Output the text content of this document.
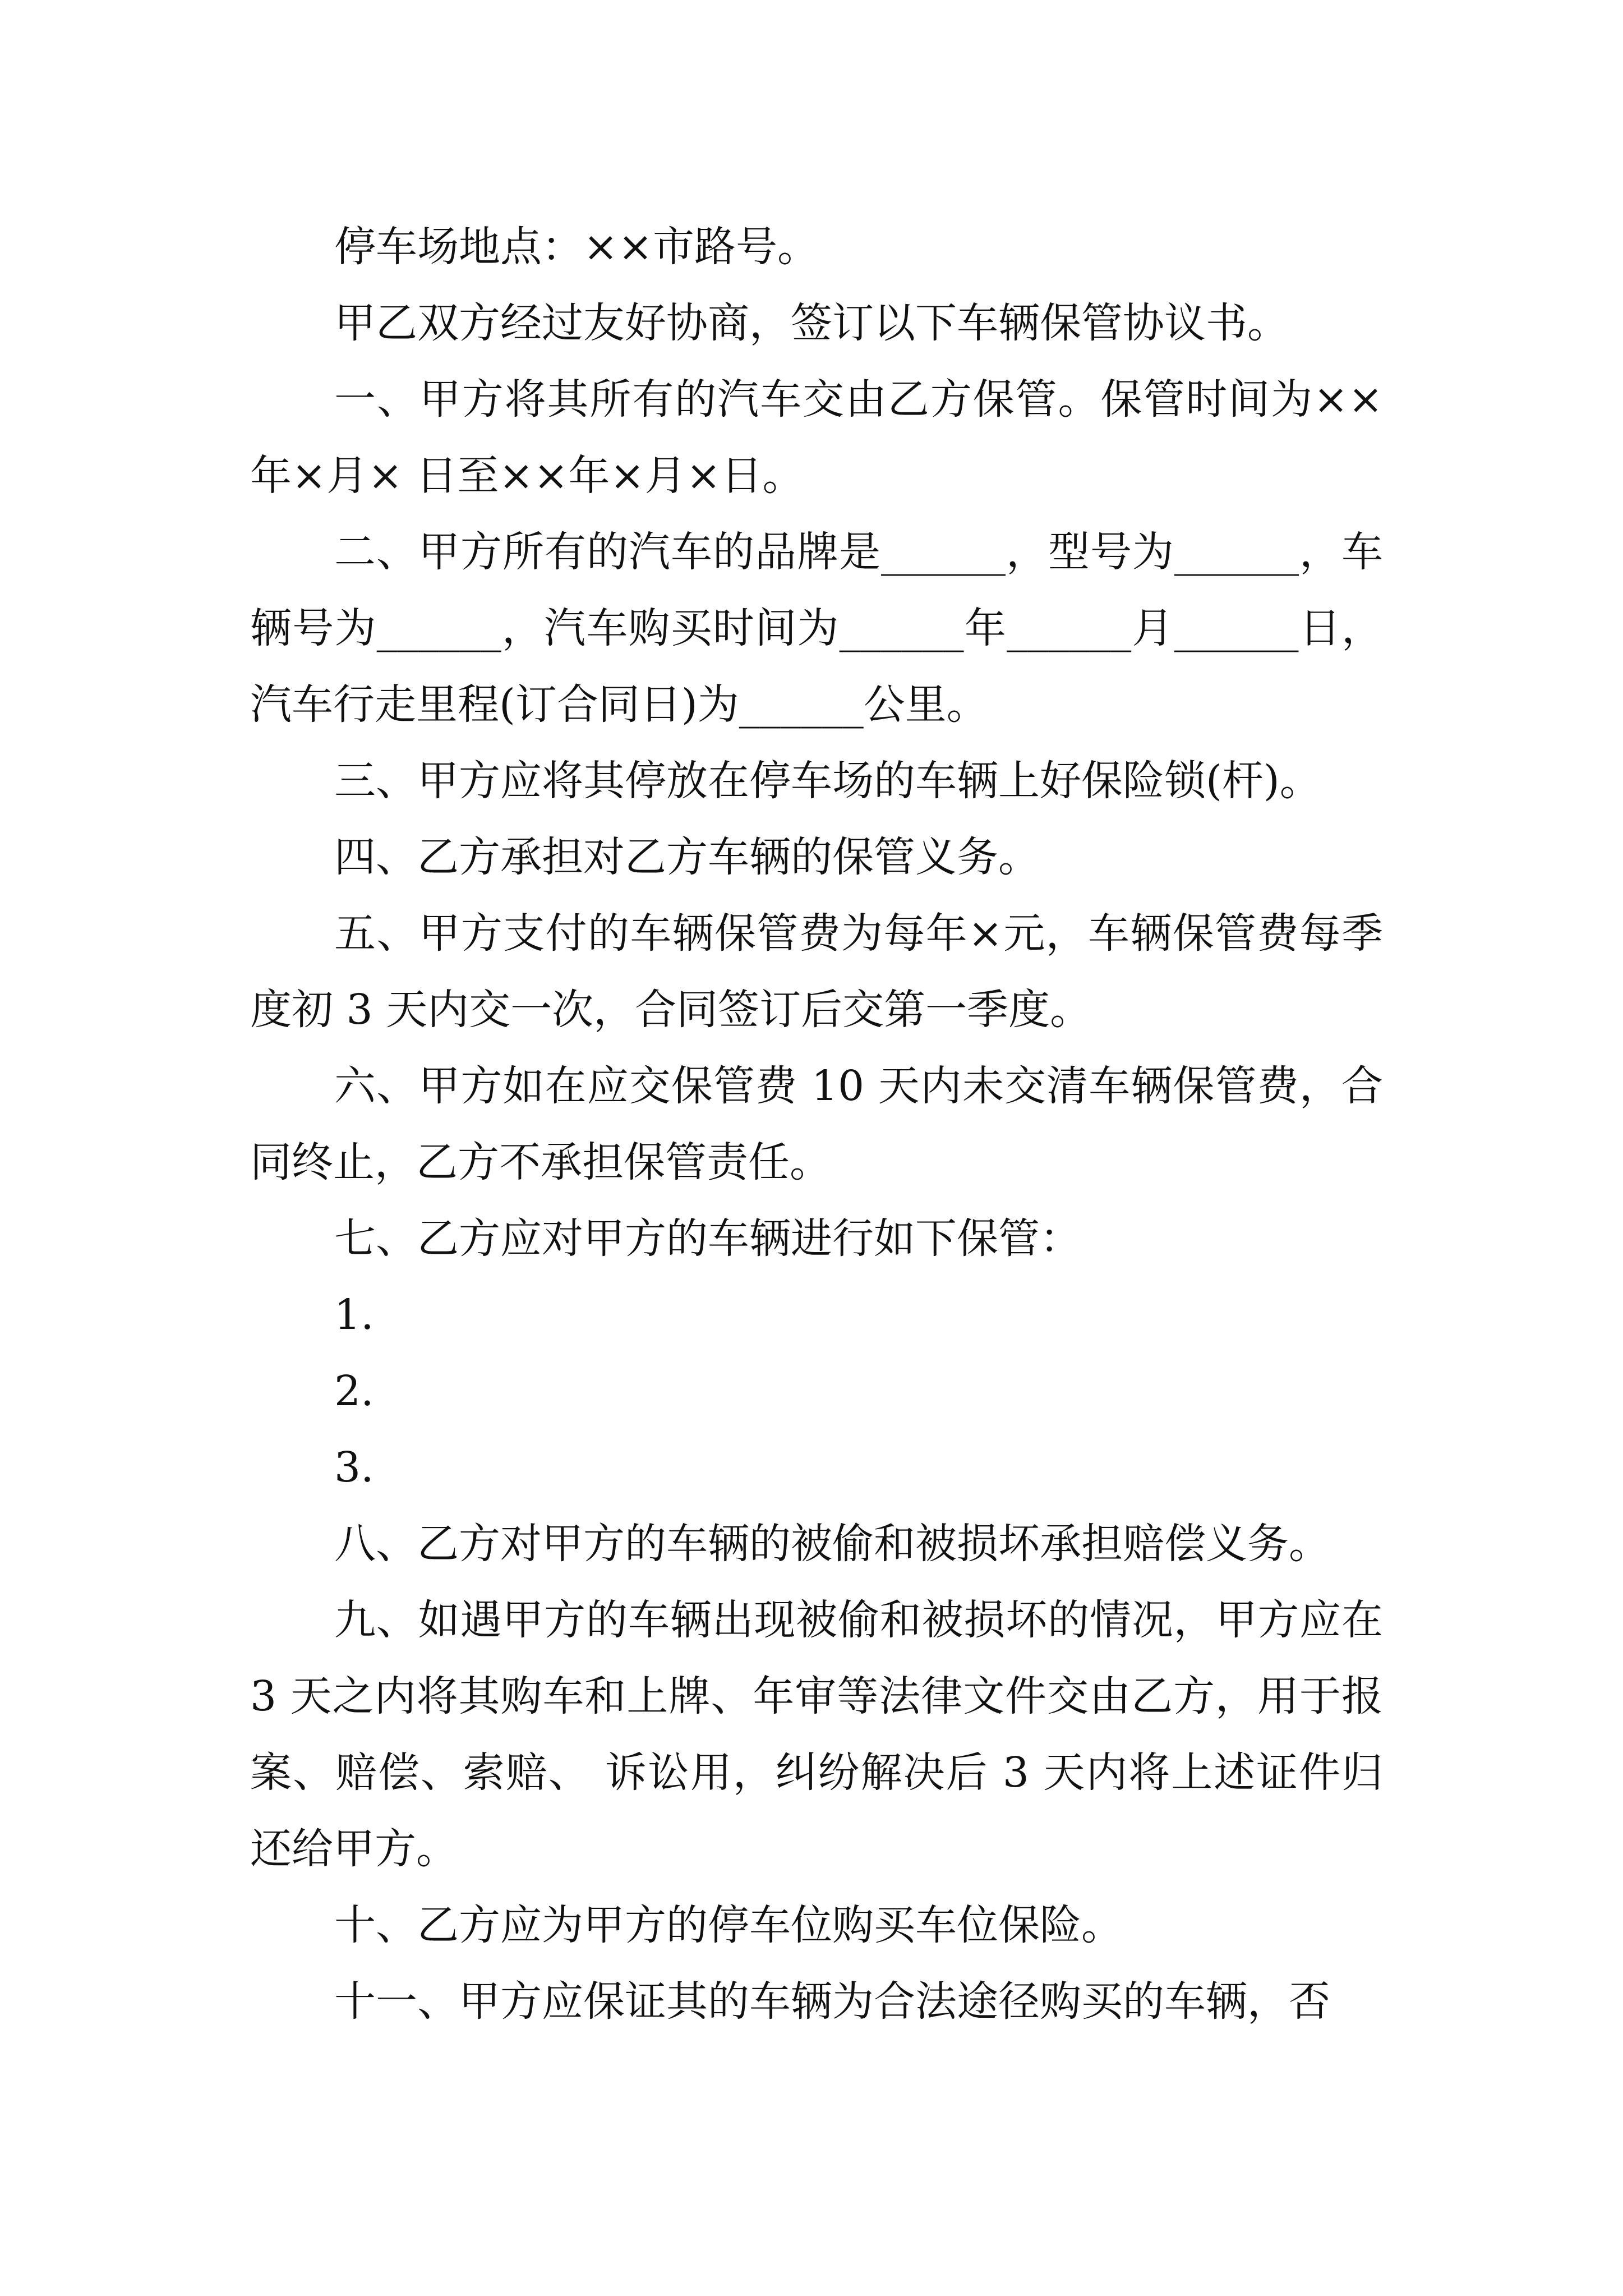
停车场地点：××市路号。

甲乙双方经过友好协商，签订以下车辆保管协议书。

一、甲方将其所有的汽车交由乙方保管。保管时间为××年×月× 日至××年×月×日。

二、甲方所有的汽车的品牌是______，型号为______，车辆号为______，汽车购买时间为______年______月______日，汽车行走里程(订合同日)为______公里。

三、甲方应将其停放在停车场的车辆上好保险锁(杆)。

四、乙方承担对乙方车辆的保管义务。

五、甲方支付的车辆保管费为每年×元，车辆保管费每季度初 3 天内交一次，合同签订后交第一季度。

六、甲方如在应交保管费 10 天内未交清车辆保管费，合同终止，乙方不承担保管责任。

七、乙方应对甲方的车辆进行如下保管：

1.

2.

3.

八、乙方对甲方的车辆的被偷和被损坏承担赔偿义务。

九、如遇甲方的车辆出现被偷和被损坏的情况，甲方应在 3 天之内将其购车和上牌、年审等法律文件交由乙方，用于报案、赔偿、索赔、 诉讼用，纠纷解决后 3 天内将上述证件归还给甲方。

十、乙方应为甲方的停车位购买车位保险。

十一、甲方应保证其的车辆为合法途径购买的车辆，否
